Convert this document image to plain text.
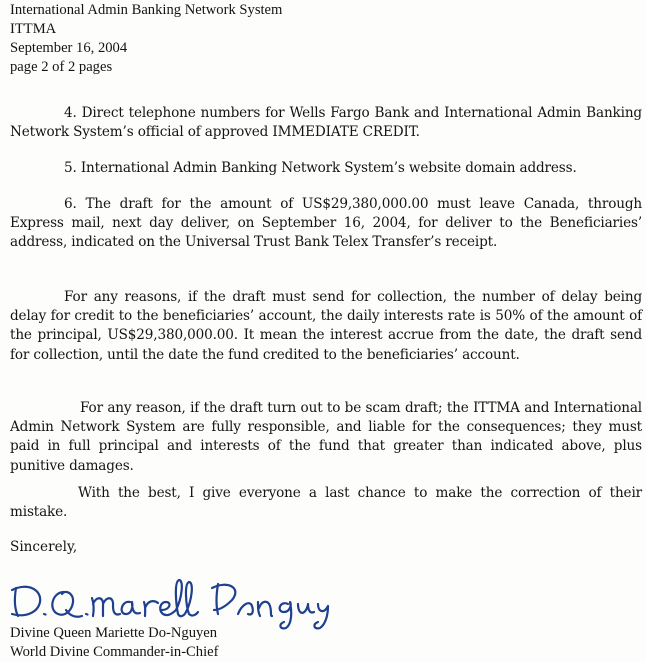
International Admin Banking Network System
ITTMA
September 16, 2004
page 2 of 2 pages
4. Direct telephone numbers for Wells Fargo Bank and International Admin Banking Network System’s official of approved IMMEDIATE CREDIT.
5. International Admin Banking Network System’s website domain address.
6. The draft for the amount of US$29,380,000.00 must leave Canada, through Express mail, next day deliver, on September 16, 2004, for deliver to the Beneficiaries’ address, indicated on the Universal Trust Bank Telex Transfer’s receipt.
For any reasons, if the draft must send for collection, the number of delay being delay for credit to the beneficiaries’ account, the daily interests rate is 50% of the amount of the principal, US$29,380,000.00. It mean the interest accrue from the date, the draft send for collection, until the date the fund credited to the beneficiaries’ account.
For any reason, if the draft turn out to be scam draft; the ITTMA and International Admin Network System are fully responsible, and liable for the consequences; they must paid in full principal and interests of the fund that greater than indicated above, plus punitive damages.
With the best, I give everyone a last chance to make the correction of their mistake.
Sincerely,
Divine Queen Mariette Do-Nguyen
World Divine Commander-in-Chief
